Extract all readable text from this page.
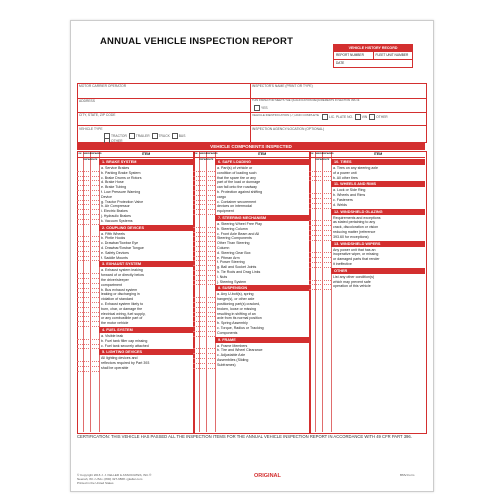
ANNUAL VEHICLE INSPECTION REPORT
VEHICLE HISTORY RECORD
REPORT NUMBER	FLEET UNIT NUMBER
DATE
MOTOR CARRIER OPERATOR
ADDRESS
CITY, STATE, ZIP CODE
VEHICLE TYPE
TRACTOR	TRAILER	TRUCK	BUS
OTHER
INSPECTOR'S NAME (PRINT OR TYPE)
THIS INSPECTOR MEETS THE QUALIFICATION REQUIREMENTS IN SECTION 396.19.
YES
VEHICLE IDENTIFICATION (✓) AND COMPLETE	LIC. PLATE NO.	VIN	OTHER
INSPECTION AGENCY/LOCATION (OPTIONAL)
VEHICLE COMPONENTS INSPECTED
OK NEEDS REPAIR
REPAIRED DATE
ITEM
1. BRAKE SYSTEM
a. Service Brakes
b. Parking Brake System
c. Brake Drums or Rotors
d. Brake Hose
e. Brake Tubing
f. Low Pressure Warning
Device
g. Tractor Protection Valve
h. Air Compressor
i. Electric Brakes
j. Hydraulic Brakes
k. Vacuum Systems
2. COUPLING DEVICES
a. Fifth Wheels
b. Pintle Hooks
c. Drawbar/Towbar Eye
d. Drawbar/Towbar Tongue
e. Safety Devices
f. Saddle Mounts
3. EXHAUST SYSTEM
a. Exhaust system leaking
forward of or directly below
the driver/sleeper
compartment
b. Bus exhaust system
leaking or discharging in
violation of standard
c. Exhaust system likely to
burn, char, or damage the
electrical wiring, fuel supply,
or any combustible part of
the motor vehicle
4. FUEL SYSTEM
a. Visible leak
b. Fuel tank filler cap missing
c. Fuel tank securely attached
5. LIGHTING DEVICES
All lighting devices and
reflectors required by Part 393
shall be operable
OK NEEDS REPAIR
REPAIRED DATE
ITEM
6. SAFE LOADING
a. Part(s) of vehicle or
condition of loading such
that the spare tire or any
part of the load or dunnage
can fall onto the roadway
b. Protection against shifting
cargo
c. Container securement
devices on intermodal
equipment
7. STEERING MECHANISM
a. Steering Wheel Free Play
b. Steering Column
c. Front Axle Beam and All
Steering Components
Other Than Steering
Column
d. Steering Gear Box
e. Pitman Arm
f. Power Steering
g. Ball and Socket Joints
h. Tie Rods and Drag Links
i. Nuts
j. Steering System
8. SUSPENSION
a. Any U-bolt(s), spring
hanger(s), or other axle
positioning part(s) cracked,
broken, loose or missing
resulting in shifting of an
axle from its normal position
b. Spring Assembly
c. Torque, Radius or Tracking
Components
9. FRAME
a. Frame Members
b. Tire and Wheel Clearance
c. Adjustable Axle
Assemblies (Sliding
Subframes)
OK NEEDS REPAIR
REPAIRED DATE
ITEM
10. TIRES
a. Tires on any steering axle
of a power unit
b. All other tires
11. WHEELS AND RIMS
a. Lock or Side Ring
b. Wheels and Rims
c. Fasteners
d. Welds
12. WINDSHIELD GLAZING
Requirements and exceptions
as stated pertaining to any
crack, discoloration or vision
reducing matter (reference
393.60 for exceptions)
13. WINDSHIELD WIPERS
Any power unit that has an
inoperative wiper, or missing
or damaged parts that render
it ineffective
OTHER
List any other condition(s)
which may prevent safe
operation of this vehicle
CERTIFICATION: THIS VEHICLE HAS PASSED ALL THE INSPECTION ITEMS FOR THE ANNUAL VEHICLE INSPECTION REPORT IN ACCORDANCE WITH 49 CFR PART 396.
© Copyright 2016 J. J. KELLER & ASSOCIATES, INC.®
Neenah, WI • USA • (800) 327-6868 • jjkeller.com
Printed in the United States
ORIGINAL	BMV-Form
